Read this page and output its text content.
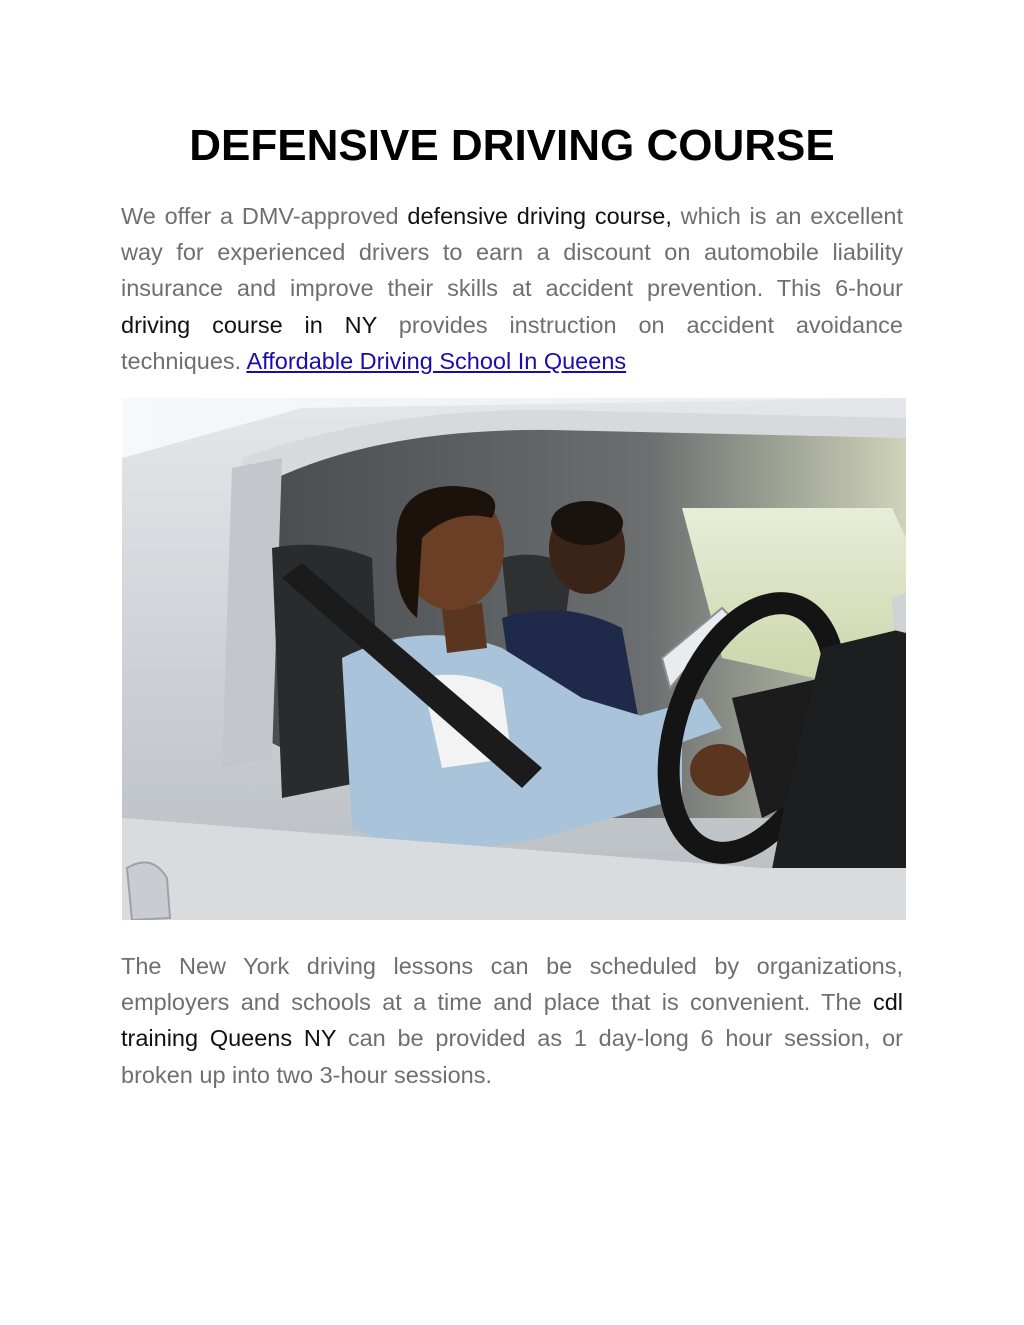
DEFENSIVE DRIVING COURSE

We offer a DMV-approved defensive driving course, which is an excellent way for experienced drivers to earn a discount on automobile liability insurance and improve their skills at accident prevention. This 6-hour driving course in NY provides instruction on accident avoidance techniques. Affordable Driving School In Queens

The New York driving lessons can be scheduled by organizations, employers and schools at a time and place that is convenient. The cdl training Queens NY can be provided as 1 day-long 6 hour session, or broken up into two 3-hour sessions.
